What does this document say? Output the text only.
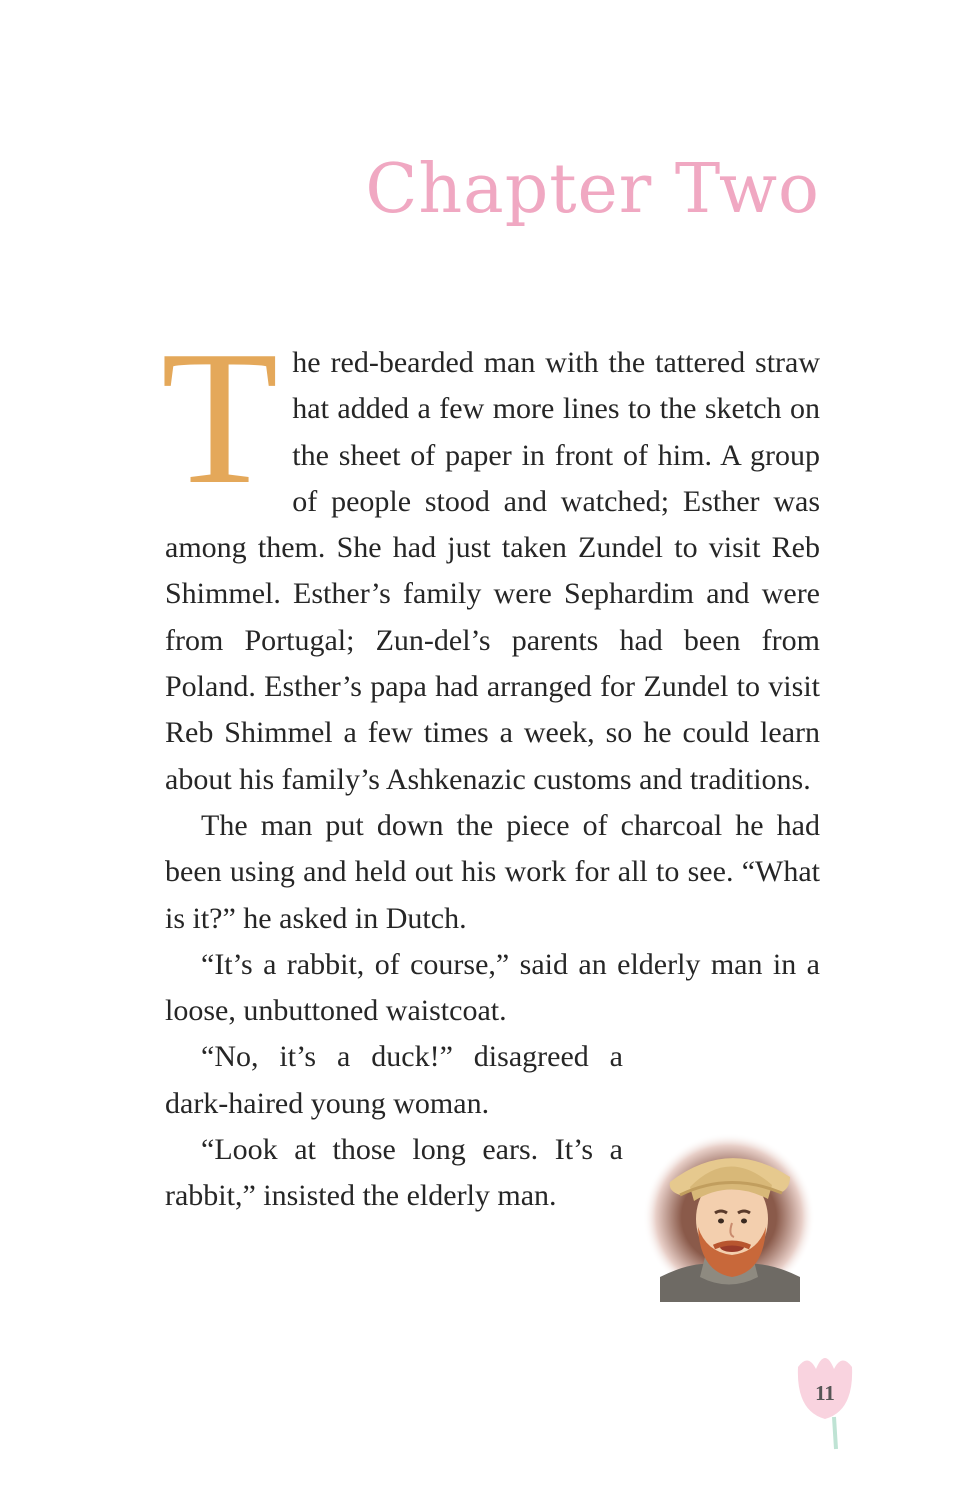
Chapter Two

The red-bearded man with the tattered straw hat added a few more lines to the sketch on the sheet of paper in front of him. A group of people stood and watched; Esther was among them. She had just taken Zundel to visit Reb Shimmel. Esther’s family were Sephardim and were from Portugal; Zun-del’s parents had been from Poland. Esther’s papa had arranged for Zundel to visit Reb Shimmel a few times a week, so he could learn about his family’s Ashkenazic customs and traditions.

The man put down the piece of charcoal he had been using and held out his work for all to see. “What is it?” he asked in Dutch.

“It’s a rabbit, of course,” said an elderly man in a loose, unbuttoned waistcoat.

“No, it’s a duck!” disagreed a dark-haired young woman.

“Look at those long ears. It’s a rabbit,” insisted the elderly man.

11
